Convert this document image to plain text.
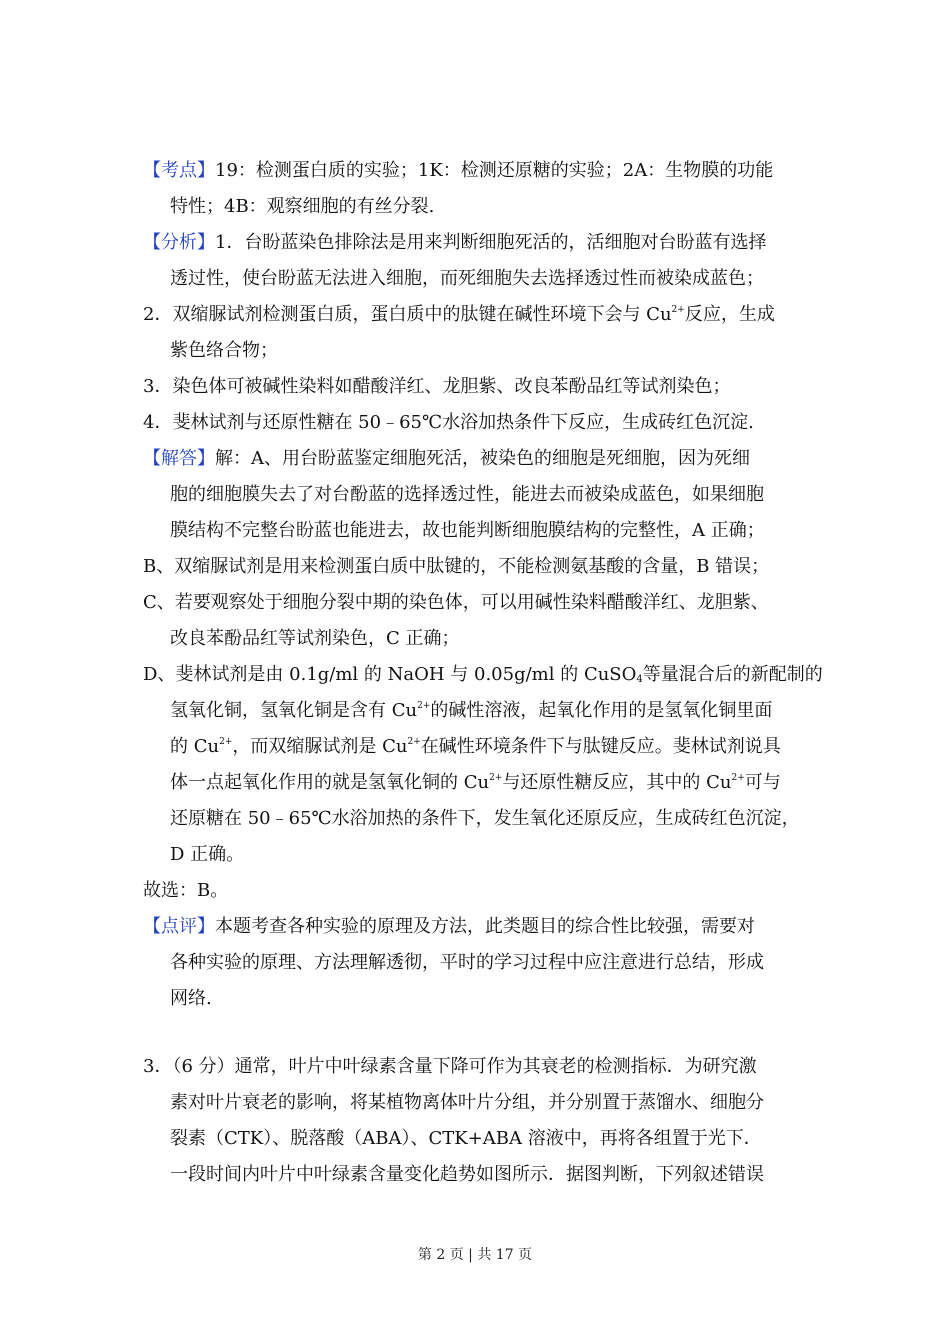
【考点】19：检测蛋白质的实验；1K：检测还原糖的实验；2A：生物膜的功能

特性；4B：观察细胞的有丝分裂.

【分析】1．台盼蓝染色排除法是用来判断细胞死活的，活细胞对台盼蓝有选择

透过性，使台盼蓝无法进入细胞，而死细胞失去选择透过性而被染成蓝色；

2．双缩脲试剂检测蛋白质，蛋白质中的肽键在碱性环境下会与 $Cu^{2+}$反应，生成

紫色络合物；

3．染色体可被碱性染料如醋酸洋红、龙胆紫、改良苯酚品红等试剂染色；

4．斐林试剂与还原性糖在 50﹣65℃水浴加热条件下反应，生成砖红色沉淀.

【解答】解：A、用台盼蓝鉴定细胞死活，被染色的细胞是死细胞，因为死细

胞的细胞膜失去了对台酚蓝的选择透过性，能进去而被染成蓝色，如果细胞

膜结构不完整台盼蓝也能进去，故也能判断细胞膜结构的完整性，A 正确；

B、双缩脲试剂是用来检测蛋白质中肽键的，不能检测氨基酸的含量，B 错误；

C、若要观察处于细胞分裂中期的染色体，可以用碱性染料醋酸洋红、龙胆紫、

改良苯酚品红等试剂染色，C 正确；

D、斐林试剂是由 0.1g/ml 的 NaOH 与 0.05g/ml 的 CuSO$_4$等量混合后的新配制的

氢氧化铜，氢氧化铜是含有 $Cu^{2+}$的碱性溶液，起氧化作用的是氢氧化铜里面

的 $Cu^{2+}$，而双缩脲试剂是 $Cu^{2+}$在碱性环境条件下与肽键反应。斐林试剂说具

体一点起氧化作用的就是氢氧化铜的 $Cu^{2+}$与还原性糖反应，其中的 $Cu^{2+}$可与

还原糖在 50﹣65℃水浴加热的条件下，发生氧化还原反应，生成砖红色沉淀，

D 正确。

故选：B。

【点评】本题考查各种实验的原理及方法，此类题目的综合性比较强，需要对

各种实验的原理、方法理解透彻，平时的学习过程中应注意进行总结，形成

网络.

3．（6 分）通常，叶片中叶绿素含量下降可作为其衰老的检测指标．为研究激

素对叶片衰老的影响，将某植物离体叶片分组，并分别置于蒸馏水、细胞分

裂素（CTK）、脱落酸（ABA）、CTK+ABA 溶液中，再将各组置于光下．

一段时间内叶片中叶绿素含量变化趋势如图所示．据图判断，下列叙述错误

第 2 页 | 共 17 页
